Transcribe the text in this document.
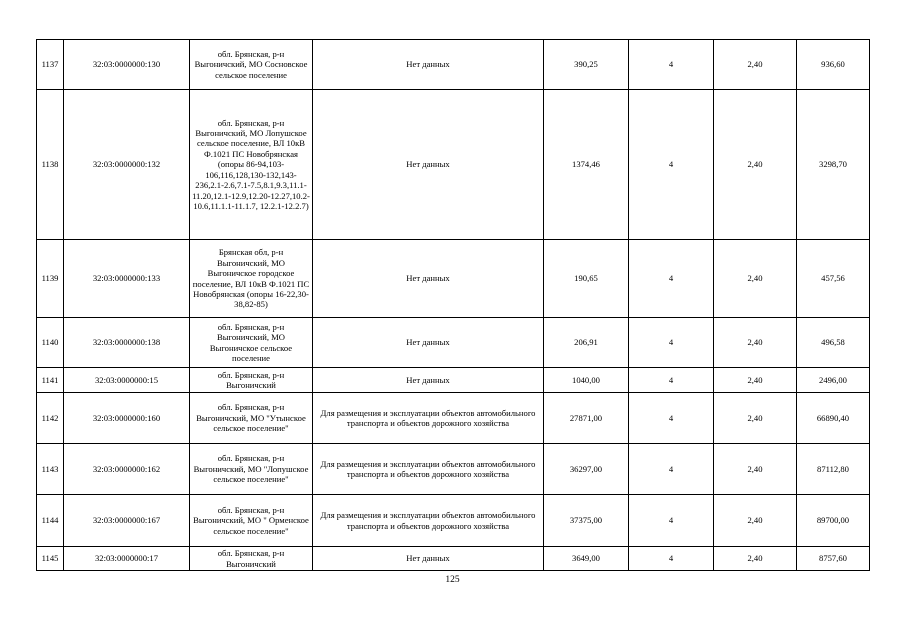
1137	32:03:0000000:130	обл. Брянская, р-н Выгоничский, МО Сосновское сельское поселение	Нет данных	390,25	4	2,40	936,60
1138	32:03:0000000:132	обл. Брянская, р-н Выгоничский, МО Лопушское сельское поселение, ВЛ 10кВ Ф.1021 ПС Новобрянская (опоры 86-94,103-106,116,128,130-132,143-236,2.1-2.6,7.1-7.5,8.1,9.3,11.1-11.20,12.1-12.9,12.20-12.27,10.2-10.6,11.1.1-11.1.7, 12.2.1-12.2.7)	Нет данных	1374,46	4	2,40	3298,70
1139	32:03:0000000:133	Брянская обл, р-н Выгоничский, МО Выгоничское городское поселение, ВЛ 10кВ Ф.1021 ПС Новобрянская (опоры 16-22,30-38,82-85)	Нет данных	190,65	4	2,40	457,56
1140	32:03:0000000:138	обл. Брянская, р-н Выгоничский, МО Выгоничское сельское поселение	Нет данных	206,91	4	2,40	496,58
1141	32:03:0000000:15	обл. Брянская, р-н Выгоничский	Нет данных	1040,00	4	2,40	2496,00
1142	32:03:0000000:160	обл. Брянская, р-н Выгоничский, МО "Утынское сельское поселение"	Для размещения и эксплуатации объектов автомобильного транспорта и объектов дорожного хозяйства	27871,00	4	2,40	66890,40
1143	32:03:0000000:162	обл. Брянская, р-н Выгоничский, МО "Лопушское сельское поселение"	Для размещения и эксплуатации объектов автомобильного транспорта и объектов дорожного хозяйства	36297,00	4	2,40	87112,80
1144	32:03:0000000:167	обл. Брянская, р-н Выгоничский, МО " Орменское сельское поселение"	Для размещения и эксплуатации объектов автомобильного транспорта и объектов дорожного хозяйства	37375,00	4	2,40	89700,00
1145	32:03:0000000:17	обл. Брянская, р-н Выгоничский	Нет данных	3649,00	4	2,40	8757,60
125
